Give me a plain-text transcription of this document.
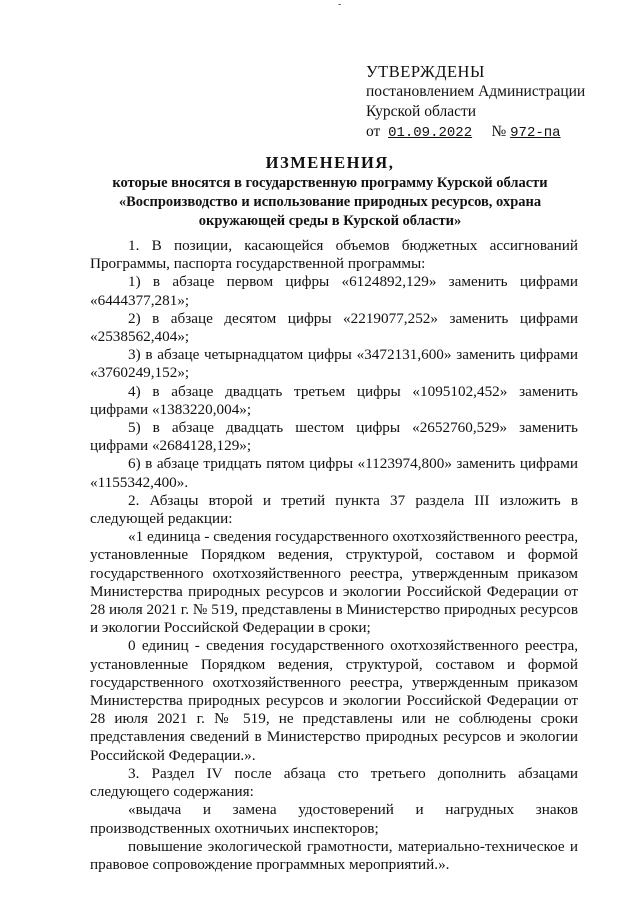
-
УТВЕРЖДЕНЫ
постановлением Администрации
Курской области
от 01.09.2022 № 972-па
ИЗМЕНЕНИЯ,
которые вносятся в государственную программу Курской области
«Воспроизводство и использование природных ресурсов, охрана
окружающей среды в Курской области»

1. В позиции, касающейся объемов бюджетных ассигнований Программы, паспорта государственной программы:

1) в абзаце первом цифры «6124892,129» заменить цифрами «6444377,281»;

2) в абзаце десятом цифры «2219077,252» заменить цифрами «2538562,404»;

3) в абзаце четырнадцатом цифры «3472131,600» заменить цифрами «3760249,152»;

4) в абзаце двадцать третьем цифры «1095102,452» заменить цифрами «1383220,004»;

5) в абзаце двадцать шестом цифры «2652760,529» заменить цифрами «2684128,129»;

6) в абзаце тридцать пятом цифры «1123974,800» заменить цифрами «1155342,400».

2. Абзацы второй и третий пункта 37 раздела III изложить в следующей редакции:

«1 единица - сведения государственного охотхозяйственного реестра, установленные Порядком ведения, структурой, составом и формой государственного охотхозяйственного реестра, утвержденным приказом Министерства природных ресурсов и экологии Российской Федерации от 28 июля 2021 г. № 519, представлены в Министерство природных ресурсов и экологии Российской Федерации в сроки;

0 единиц - сведения государственного охотхозяйственного реестра, установленные Порядком ведения, структурой, составом и формой государственного охотхозяйственного реестра, утвержденным приказом Министерства природных ресурсов и экологии Российской Федерации от 28 июля 2021 г. № 519, не представлены или не соблюдены сроки представления сведений в Министерство природных ресурсов и экологии Российской Федерации.».

3. Раздел IV после абзаца сто третьего дополнить абзацами следующего содержания:

«выдача и замена удостоверений и нагрудных знаков производственных охотничьих инспекторов;

повышение экологической грамотности, материально-техническое и правовое сопровождение программных мероприятий.».
